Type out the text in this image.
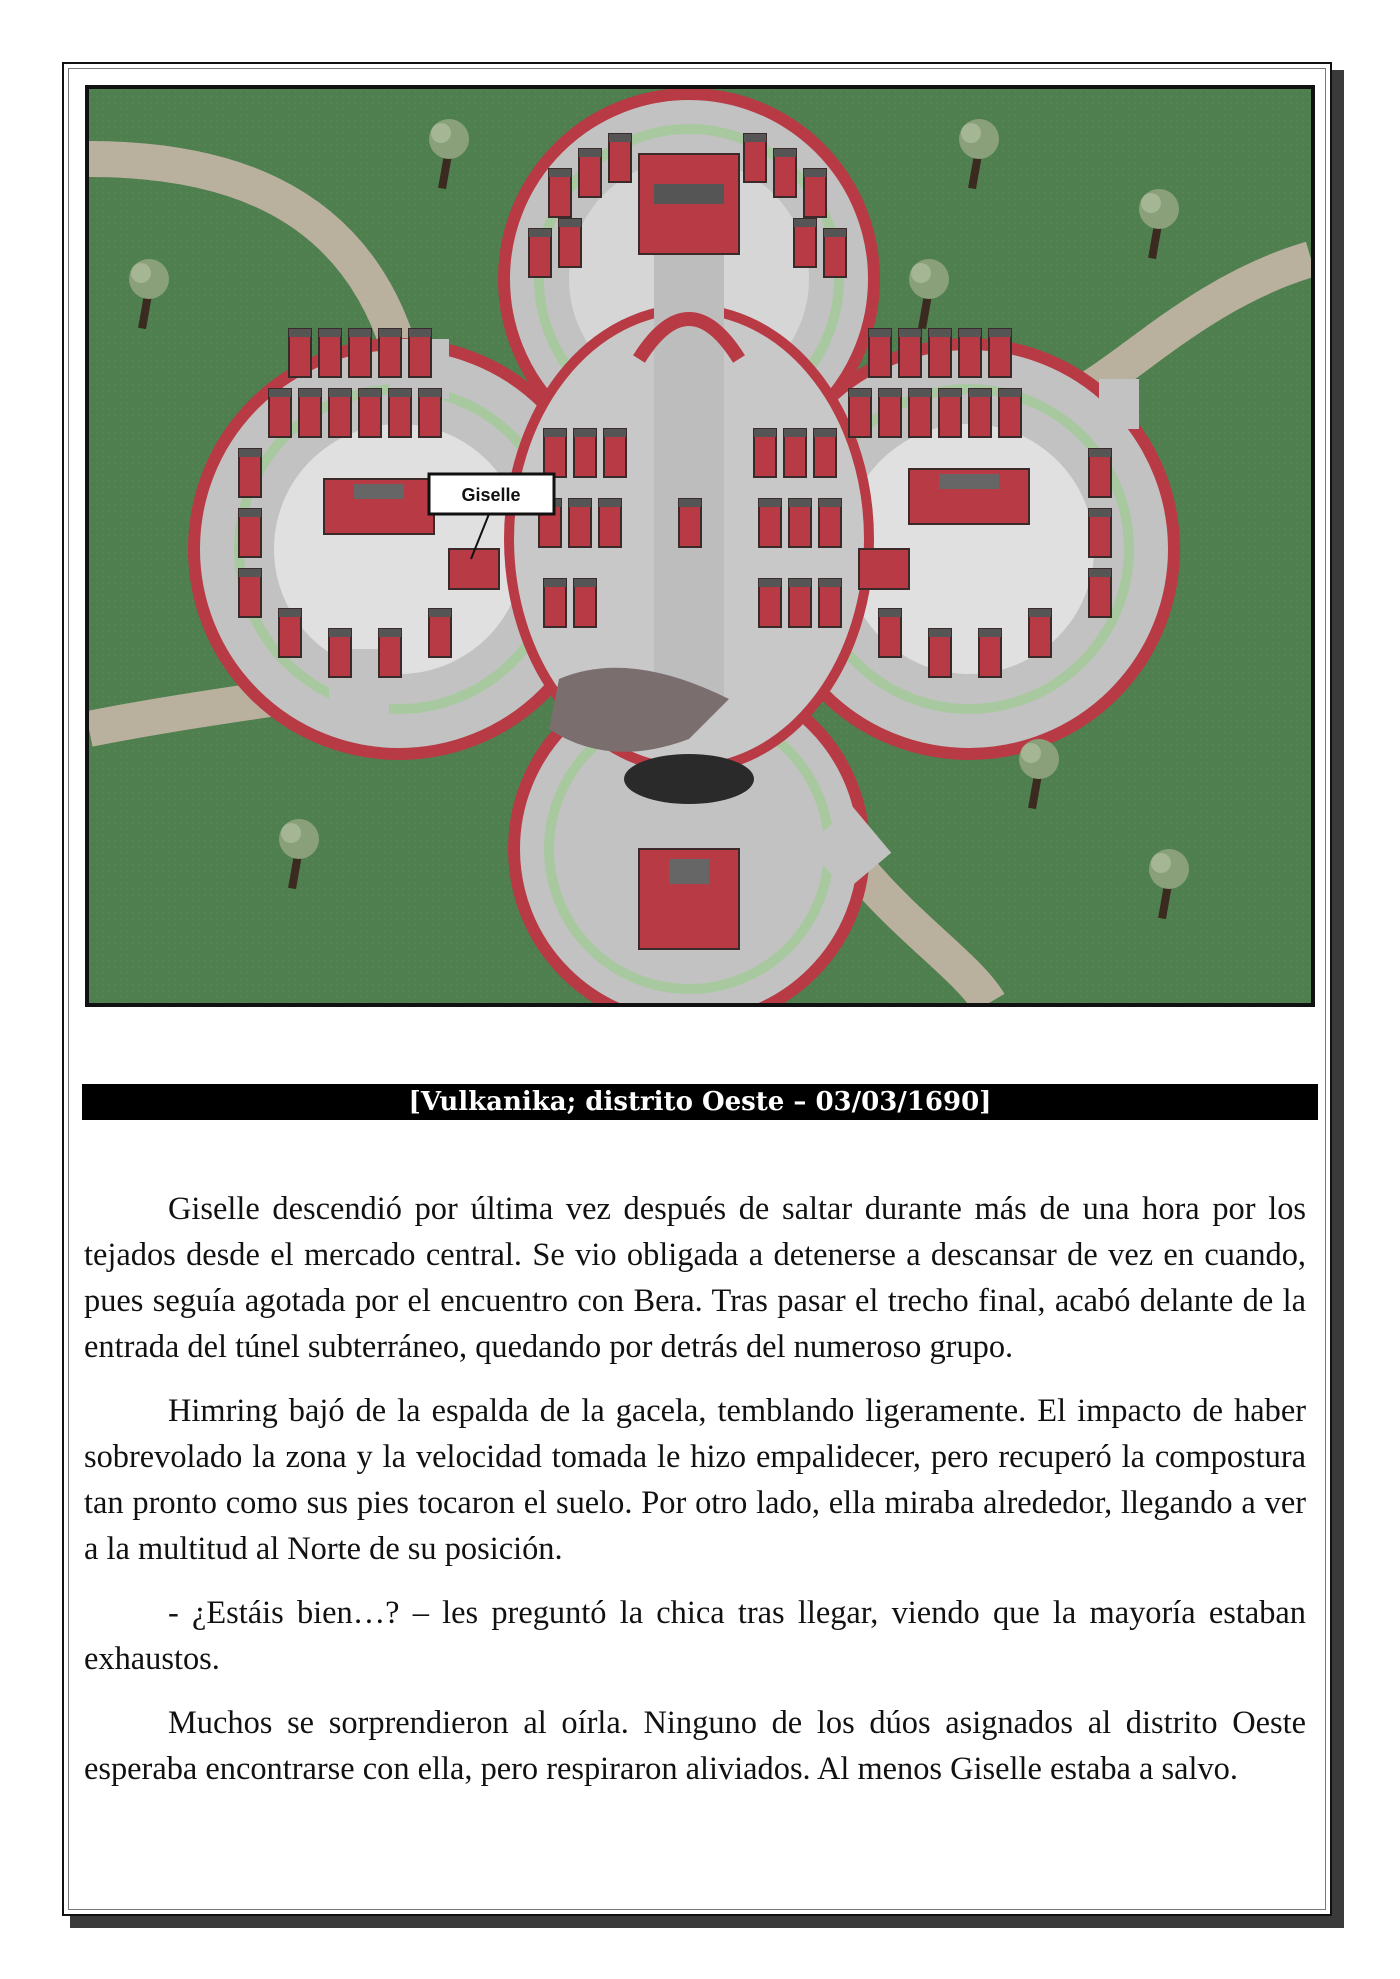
Giselle
[Vulkanika; distrito Oeste – 03/03/1690]

Giselle descendió por última vez después de saltar durante más de una hora por los tejados desde el mercado central. Se vio obligada a detenerse a descansar de vez en cuando, pues seguía agotada por el encuentro con Bera. Tras pasar el trecho final, acabó delante de la entrada del túnel subterráneo, quedando por detrás del numeroso grupo.

Himring bajó de la espalda de la gacela, temblando ligeramente. El impacto de haber sobrevolado la zona y la velocidad tomada le hizo empalidecer, pero recuperó la compostura tan pronto como sus pies tocaron el suelo. Por otro lado, ella miraba alrededor, llegando a ver a la multitud al Norte de su posición.

- ¿Estáis bien…? – les preguntó la chica tras llegar, viendo que la mayoría estaban exhaustos.

Muchos se sorprendieron al oírla. Ninguno de los dúos asignados al distrito Oeste esperaba encontrarse con ella, pero respiraron aliviados. Al menos Giselle estaba a salvo.
